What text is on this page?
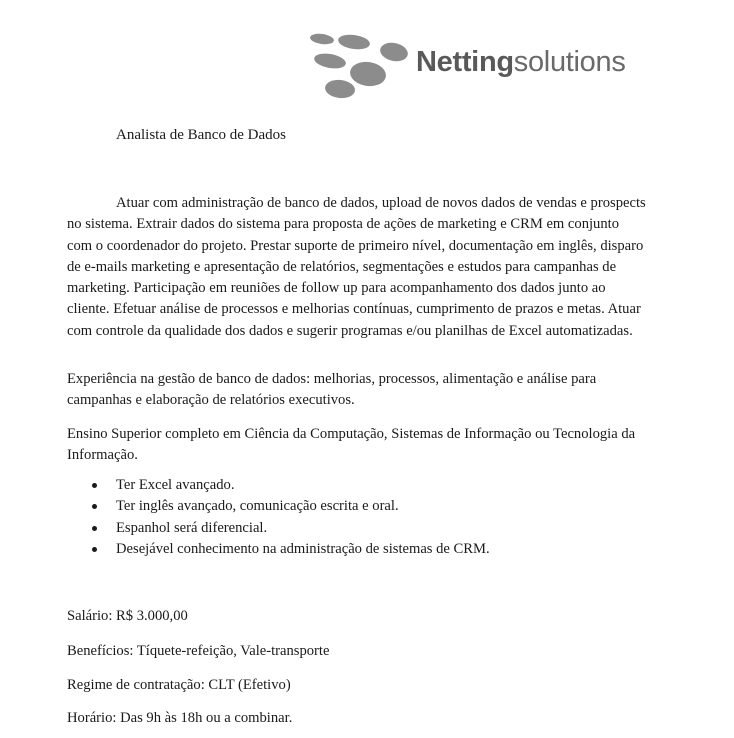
Nettingsolutions
Analista de Banco de Dados

Atuar com administração de banco de dados, upload de novos dados de vendas e prospects no sistema. Extrair dados do sistema para proposta de ações de marketing e CRM em conjunto com o coordenador do projeto. Prestar suporte de primeiro nível, documentação em inglês, disparo de e-mails marketing e apresentação de relatórios, segmentações e estudos para campanhas de marketing. Participação em reuniões de follow up para acompanhamento dos dados junto ao cliente. Efetuar análise de processos e melhorias contínuas, cumprimento de prazos e metas. Atuar com controle da qualidade dos dados e sugerir programas e/ou planilhas de Excel automatizadas.

Experiência na gestão de banco de dados: melhorias, processos, alimentação e análise para campanhas e elaboração de relatórios executivos.

Ensino Superior completo em Ciência da Computação, Sistemas de Informação ou Tecnologia da Informação.

Ter Excel avançado.
Ter inglês avançado, comunicação escrita e oral.
Espanhol será diferencial.
Desejável conhecimento na administração de sistemas de CRM.

Salário: R$ 3.000,00

Benefícios: Tíquete-refeição, Vale-transporte

Regime de contratação: CLT (Efetivo)

Horário: Das 9h às 18h ou a combinar.
